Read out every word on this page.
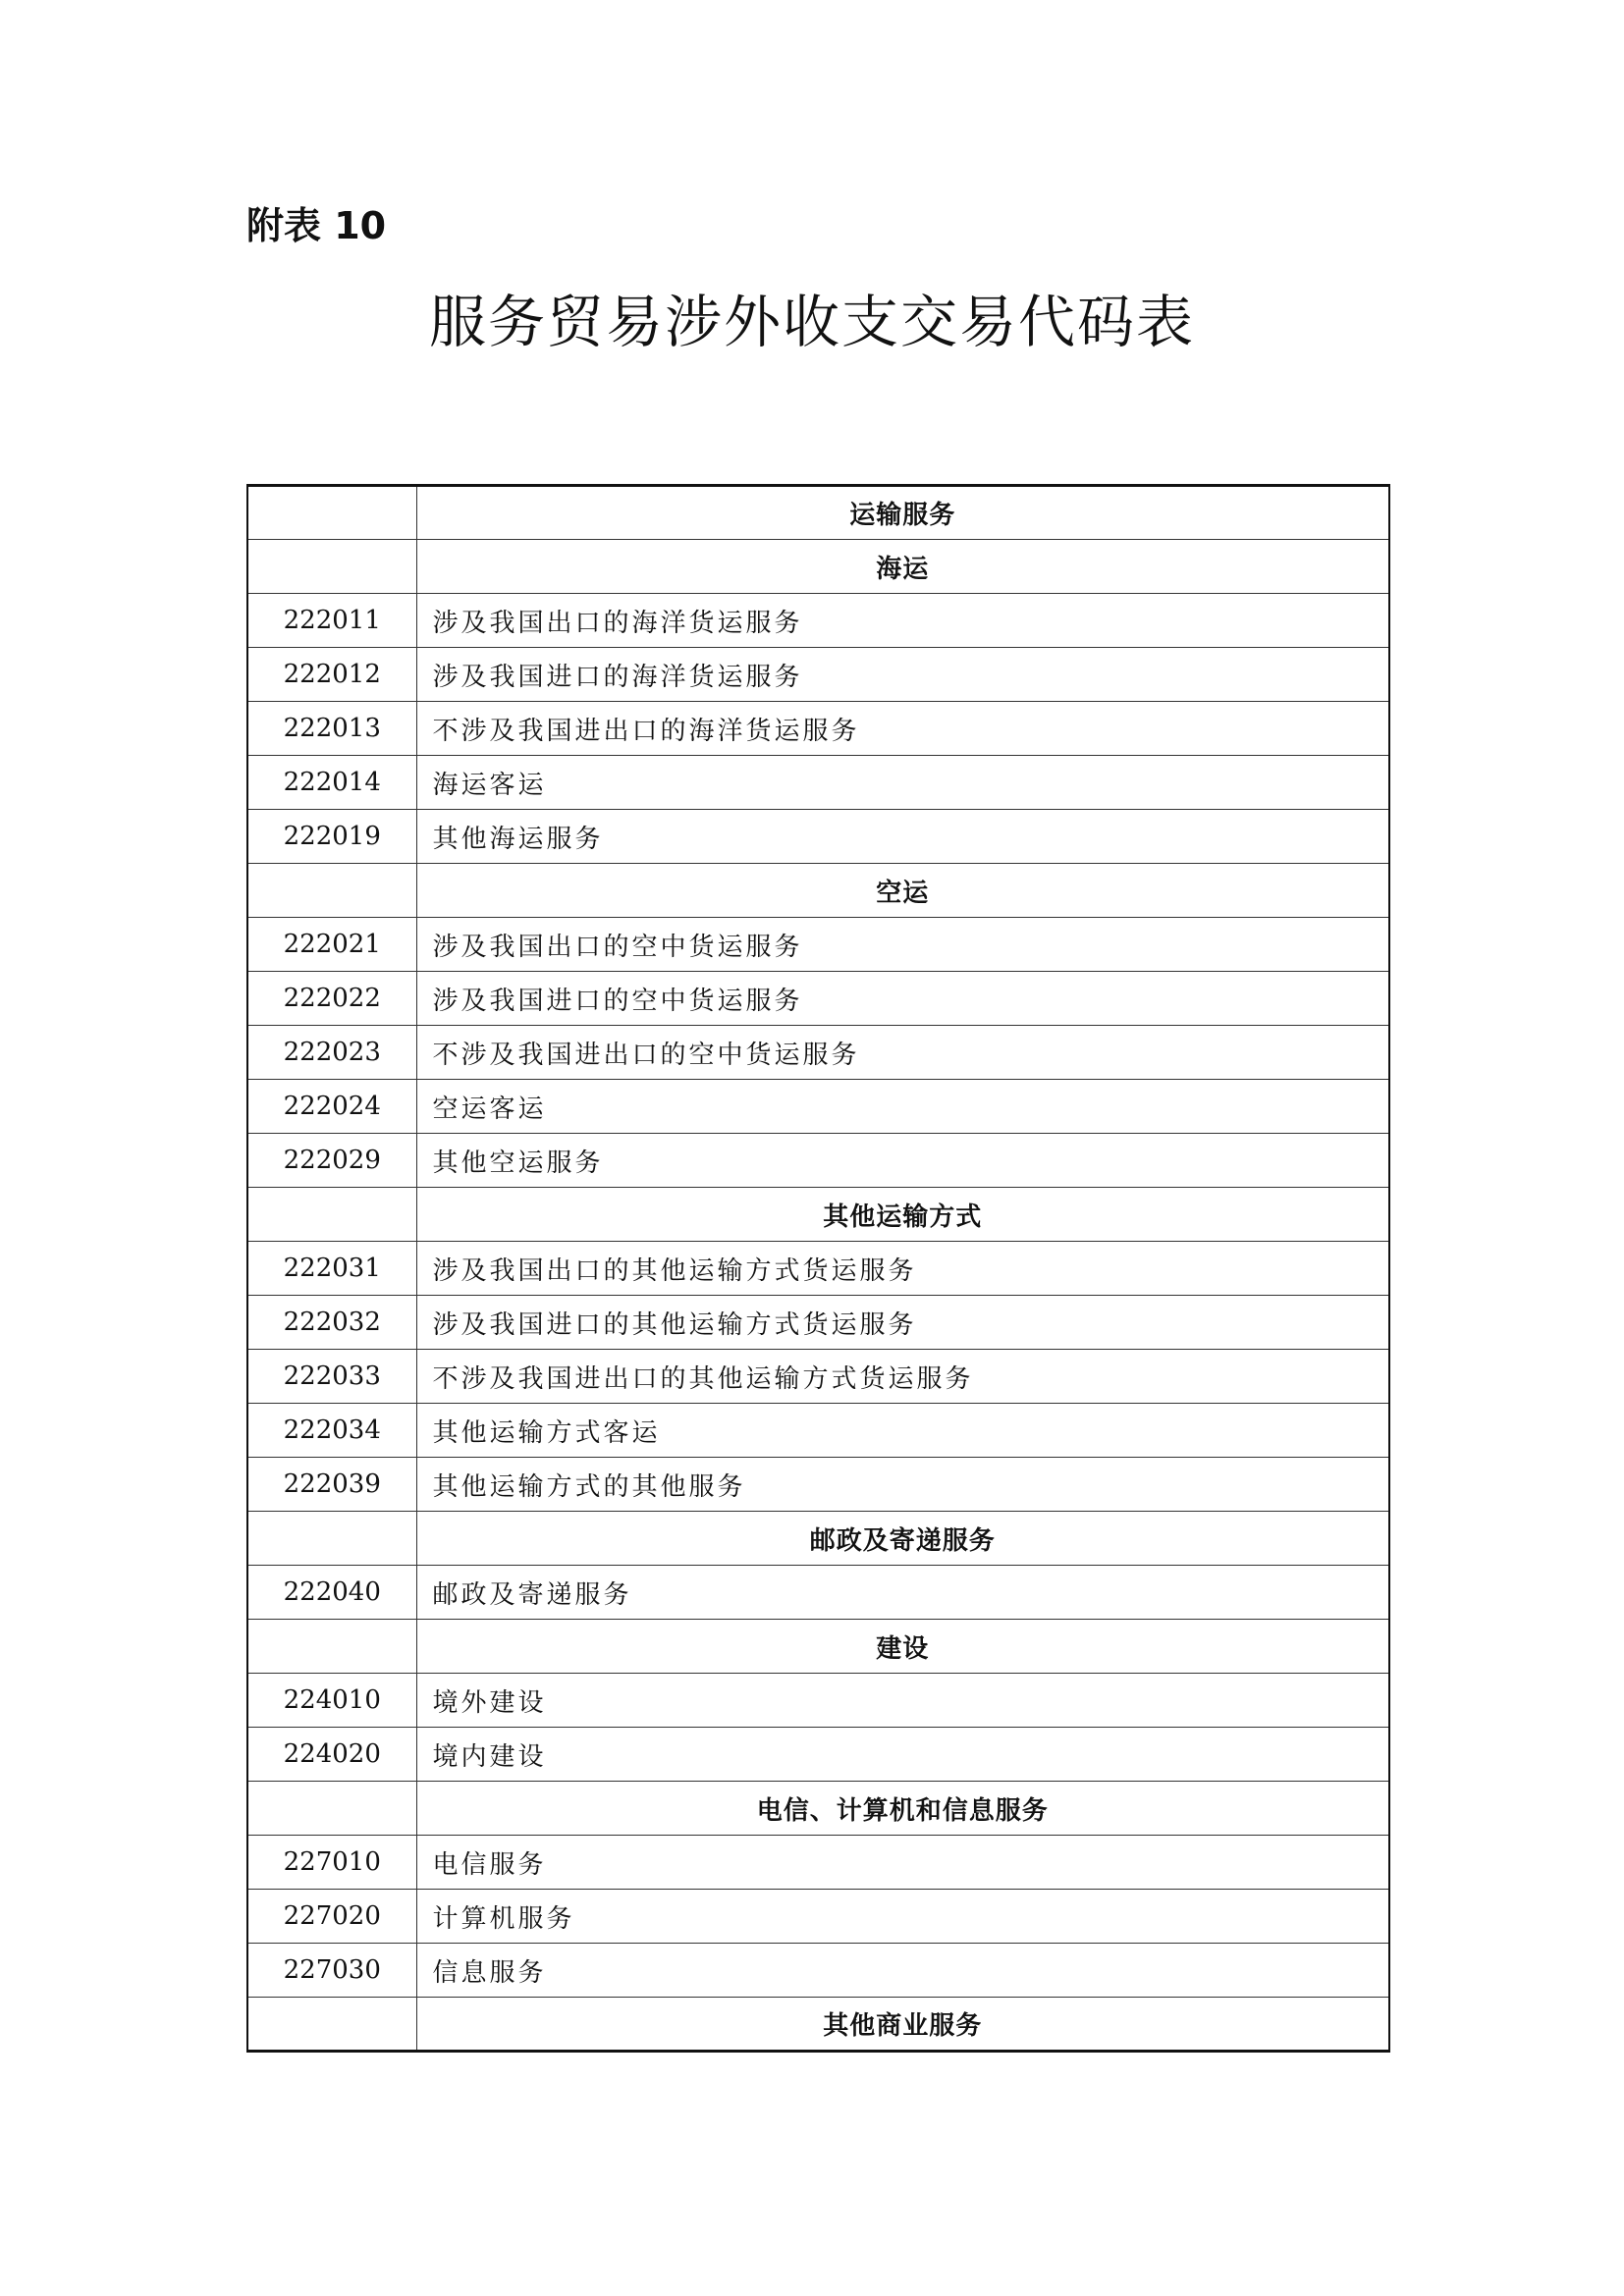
附表 10
服务贸易涉外收支交易代码表
	运输服务
	海运
222011	涉及我国出口的海洋货运服务
222012	涉及我国进口的海洋货运服务
222013	不涉及我国进出口的海洋货运服务
222014	海运客运
222019	其他海运服务
	空运
222021	涉及我国出口的空中货运服务
222022	涉及我国进口的空中货运服务
222023	不涉及我国进出口的空中货运服务
222024	空运客运
222029	其他空运服务
	其他运输方式
222031	涉及我国出口的其他运输方式货运服务
222032	涉及我国进口的其他运输方式货运服务
222033	不涉及我国进出口的其他运输方式货运服务
222034	其他运输方式客运
222039	其他运输方式的其他服务
	邮政及寄递服务
222040	邮政及寄递服务
	建设
224010	境外建设
224020	境内建设
	电信、计算机和信息服务
227010	电信服务
227020	计算机服务
227030	信息服务
	其他商业服务
